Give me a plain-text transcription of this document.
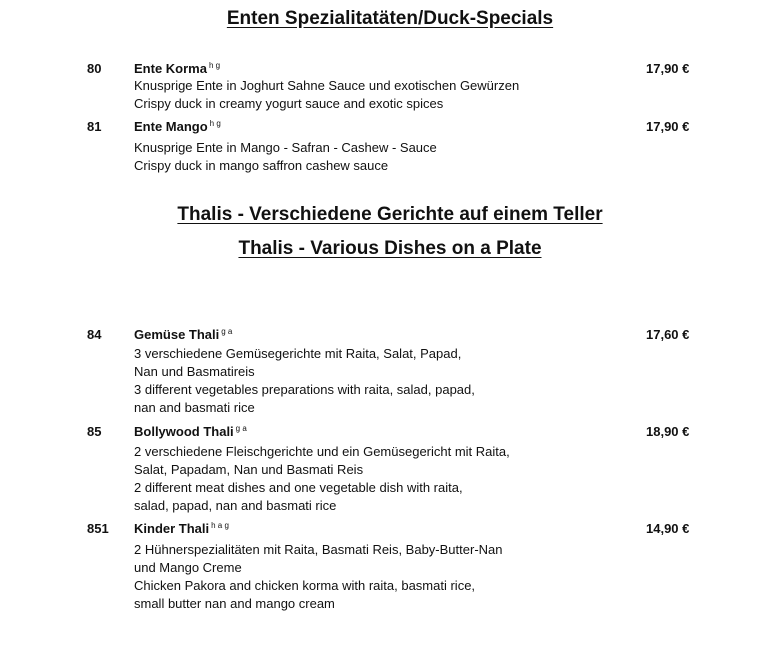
Enten Spezialitatäten/Duck-Specials
Thalis - Verschiedene Gerichte auf einem Teller
Thalis - Various Dishes on a Plate
80	Ente Korma $^{h g}$	17,90 €
Knusprige Ente in Joghurt Sahne Sauce und exotischen Gewürzen
Crispy duck in creamy yogurt sauce and exotic spices
81	Ente Mango $^{h g}$	17,90 €
Knusprige Ente in Mango - Safran - Cashew - Sauce
Crispy duck in mango saffron cashew sauce
84	Gemüse Thali $^{g a}$	17,60 €
3 verschiedene Gemüsegerichte mit Raita, Salat, Papad,
Nan und Basmatireis
3 different vegetables preparations with raita, salad, papad,
nan and basmati rice
85	Bollywood Thali $^{g a}$	18,90 €
2 verschiedene Fleischgerichte und ein Gemüsegericht mit Raita,
Salat, Papadam, Nan und Basmati Reis
2 different meat dishes and one vegetable dish with raita,
salad, papad, nan and basmati rice
851 Kinder Thali $^{h a g}$	14,90 €
2 Hühnerspezialitäten mit Raita, Basmati Reis, Baby-Butter-Nan
und Mango Creme
Chicken Pakora and chicken korma with raita, basmati rice,
small butter nan and mango cream
